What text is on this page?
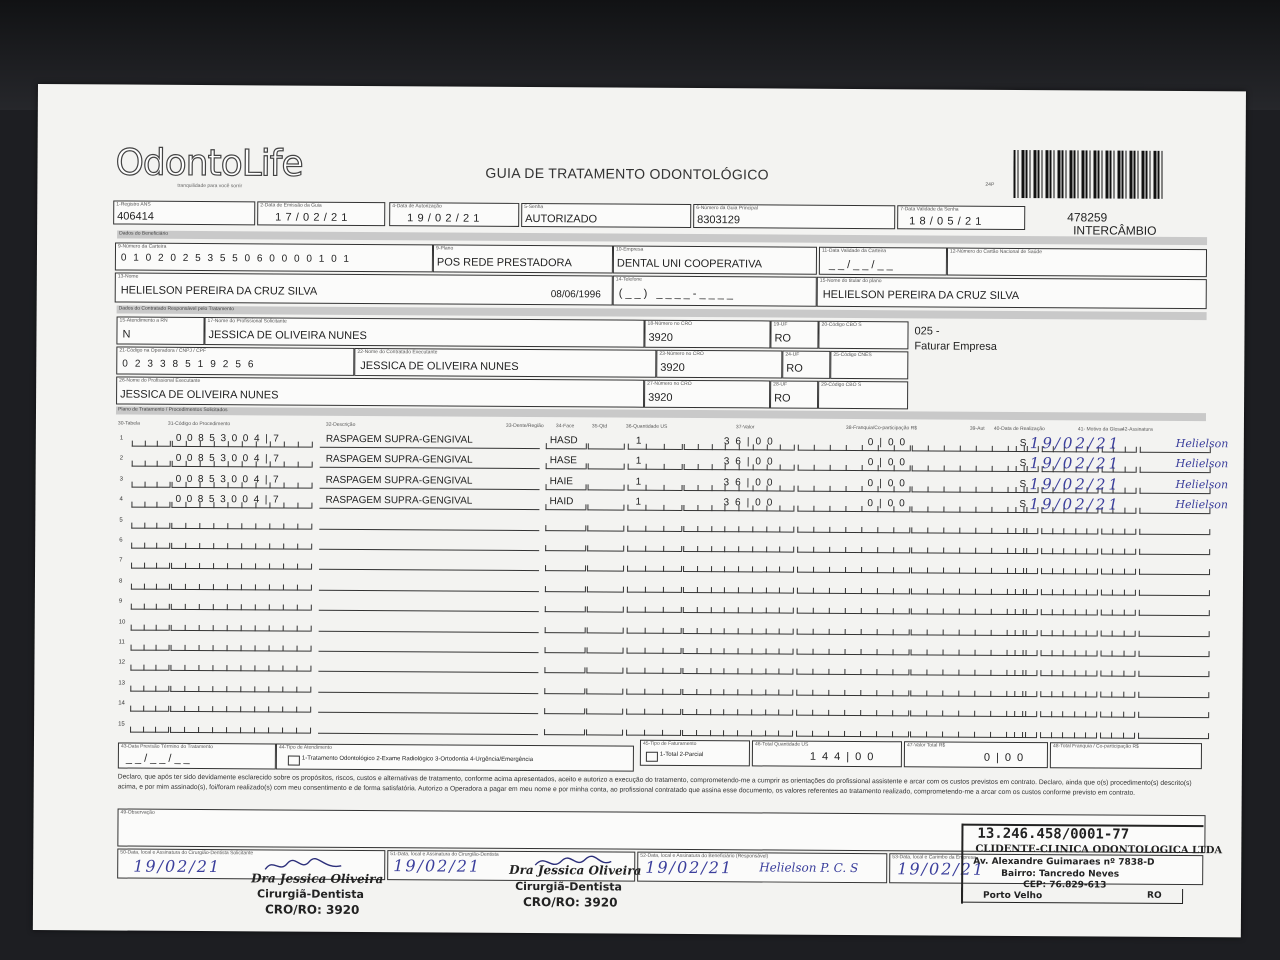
OdontoLife
tranquilidade para você sorrir
GUIA DE TRATAMENTO ODONTOLÓGICO
24P
478259
INTERCÂMBIO
1-Registro ANS
406414
2-Data de Emissão da Guia
17/02/21
4-Data de Autorização
19/02/21
5-Senha
AUTORIZADO
6-Número da Guia Principal
8303129
7-Data Validade da Senha
18/05/21
Dados do Beneficiário
9-Número da Carteira
0102025355060000101
9-Plano
POS REDE PRESTADORA
10-Empresa
DENTAL UNI COOPERATIVA
11-Data Validade da Carteira
__/__/__
12-Número do Cartão Nacional de Saúde
13-Nome
HELIELSON PEREIRA DA CRUZ SILVA	08/06/1996
14-Telefone
(__) ____-____
15-Nome do titular do plano
HELIELSON PEREIRA DA CRUZ SILVA
Dados do Contratado Responsável pelo Tratamento
15-Atendimento a RN
N
17-Nome do Profissional Solicitante
JESSICA DE OLIVEIRA NUNES
18-Número no CRO
3920
19-UF
RO
20-Código CBO S
025 -
Faturar Empresa
21-Código na Operadora / CNPJ / CPF
02338519256
22-Nome do Contratado Executante
JESSICA DE OLIVEIRA NUNES
23-Número no CRO
3920
24-UF
RO
25-Código CNES
26-Nome do Profissional Executante
JESSICA DE OLIVEIRA NUNES
27-Número no CRO
3920
28-UF
RO
29-Código CBO S
Plano de Tratamento / Procedimentos Solicitados
30-Tabela	31-Código do Procedimento	32-Descrição	33-Dente/Região 34-Face	35-Qtd	36-Quantidade US	37-Valor	38-Franquia/Co-participação R$	39-Aut 40-Data de Realização	41- Motivo da Glosa 42-Assinatura
1	00853004|7	RASPAGEM SUPRA-GENGIVAL	HASD	1	36|00	0|00	S 19/02/21	Helielson
2	00853004|7	RASPAGEM SUPRA-GENGIVAL	HASE	1	36|00	0|00	S 19/02/21	Helielson
3	00853004|7	RASPAGEM SUPRA-GENGIVAL	HAIE	1	36|00	0|00	S 19/02/21	Helielson
4	00853004|7	RASPAGEM SUPRA-GENGIVAL	HAID	1	36|00	0|00	S 19/02/21	Helielson
5
6
7
8
9
10
11
12
13
14
15
43-Data Previsão Término do Tratamento
__/__/__
44-Tipo de Atendimento
1-Tratamento Odontológico 2-Exame Radiológico 3-Ortodontia 4-Urgência/Emergência
45-Tipo de Faturamento
1-Total 2-Parcial
46-Total Quantidade US
144|00
47-Valor Total R$
0|00
48-Total Franquia / Co-participação R$
Declaro, que após ter sido devidamente esclarecido sobre os propósitos, riscos, custos e alternativas de tratamento, conforme acima apresentados, aceito e autorizo a execução do tratamento, comprometendo-me a cumprir as orientações do profissional assistente e arcar com os custos previstos em contrato. Declaro, ainda que o(s) procedimento(s) descrito(s) acima, e por mim assinado(s), foi/foram realizado(s) com meu consentimento e de forma satisfatória. Autorizo a Operadora a pagar em meu nome e por minha conta, ao profissional contratado que assina esse documento, os valores referentes ao tratamento realizado, comprometendo-me a arcar com os custos conforme previsto em contrato.
49-Observação
50-Data, local e Assinatura do Cirurgião-Dentista Solicitante
19/02/21
51-Data, local e Assinatura do Cirurgião-Dentista
19/02/21
52-Data, local e Assinatura do Beneficiário (Responsável)
19/02/21 Helielson P. C. S
53-Data, local e Carimbo da Empresa
19/02/21
Dra Jessica Oliveira
Cirurgiã-Dentista
CRO/RO: 3920
Dra Jessica Oliveira
Cirurgiã-Dentista
CRO/RO: 3920
13.246.458/0001-77
CLIDENTE-CLINICA ODONTOLOGICA LTDA
Av. Alexandre Guimaraes nº 7838-D
Bairro: Tancredo Neves
CEP: 76.829-613
Porto Velho	RO
